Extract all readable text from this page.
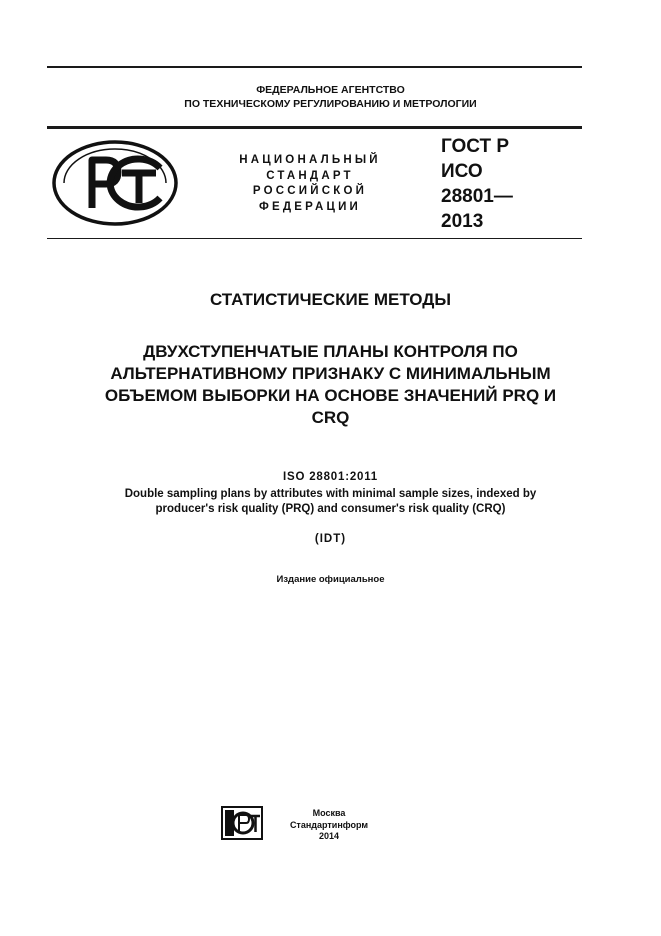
ФЕДЕРАЛЬНОЕ АГЕНТСТВО
ПО ТЕХНИЧЕСКОМУ РЕГУЛИРОВАНИЮ И МЕТРОЛОГИИ
НАЦИОНАЛЬНЫЙ
СТАНДАРТ
РОССИЙСКОЙ
ФЕДЕРАЦИИ
ГОСТ Р
ИСО
28801—
2013
СТАТИСТИЧЕСКИЕ МЕТОДЫ
ДВУХСТУПЕНЧАТЫЕ ПЛАНЫ КОНТРОЛЯ ПО
АЛЬТЕРНАТИВНОМУ ПРИЗНАКУ С МИНИМАЛЬНЫМ
ОБЪЕМОМ ВЫБОРКИ НА ОСНОВЕ ЗНАЧЕНИЙ PRQ И
CRQ
ISO 28801:2011
Double sampling plans by attributes with minimal sample sizes, indexed by
producer's risk quality (PRQ) and consumer's risk quality (CRQ)
(IDT)
Издание официальное
Москва
Стандартинформ
2014
